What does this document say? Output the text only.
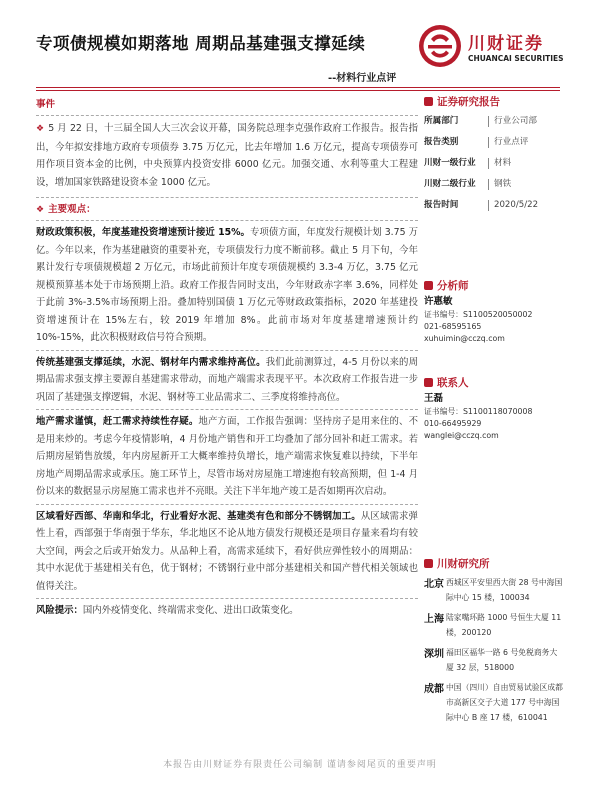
专项债规模如期落地 周期品基建强支撑延续
--材料行业点评
川财证券
CHUANCAI SECURITIES
事件

❖ 5 月 22 日，十三届全国人大三次会议开幕，国务院总理李克强作政府工作报告。报告指出，今年拟安排地方政府专项债券 3.75 万亿元，比去年增加 1.6 万亿元，提高专项债券可用作项目资本金的比例，中央预算内投资安排 6000 亿元。加强交通、水利等重大工程建设，增加国家铁路建设资本金 1000 亿元。

❖ 主要观点：

财政政策积极，年度基建投资增速预计接近 15%。专项债方面，年度发行规模计划 3.75 万亿。今年以来，作为基建融资的重要补充，专项债发行力度不断前移。截止 5 月下旬，今年累计发行专项债规模超 2 万亿元，市场此前预计年度专项债规模约 3.3-4 万亿，3.75 亿元规模预算基本处于市场预期上沿。政府工作报告同时支出，今年财政赤字率 3.6%，同样处于此前 3%-3.5%市场预期上沿。叠加特别国债 1 万亿元等财政政策指标，2020 年基建投资增速预计在 15%左右，较 2019 年增加 8%。此前市场对年度基建增速预计约 10%-15%，此次积极财政信号符合预期。

传统基建强支撑延续，水泥、钢材年内需求维持高位。我们此前测算过，4-5 月份以来的周期品需求强支撑主要源自基建需求带动，而地产端需求表现平平。本次政府工作报告进一步巩固了基建强支撑逻辑，水泥、钢材等工业品需求二、三季度将维持高位。

地产需求谨慎，赶工需求持续性存疑。地产方面，工作报告强调：坚持房子是用来住的、不是用来炒的。考虑今年疫情影响，4 月份地产销售和开工均叠加了部分回补和赶工需求。若后期房屋销售放缓，年内房屋新开工大概率维持负增长，地产端需求恢复难以持续，下半年房地产周期品需求或承压。施工环节上，尽管市场对房屋施工增速抱有较高预期，但 1-4 月份以来的数据显示房屋施工需求也并不亮眼。关注下半年地产竣工是否如期再次启动。

区域看好西部、华南和华北，行业看好水泥、基建类有色和部分不锈钢加工。从区域需求弹性上看，西部强于华南强于华东，华北地区不论从地方债发行规模还是项目存量来看均有较大空间，两会之后或开始发力。从品种上看，高需求延续下，看好供应弹性较小的周期品：其中水泥优于基建相关有色，优于钢材；不锈钢行业中部分基建相关和国产替代相关领域也值得关注。

风险提示：国内外疫情变化、终端需求变化、进出口政策变化。

证券研究报告
所属部门	行业公司部
报告类别	行业点评
川财一级行业 材料
川财二级行业 钢铁
报告时间	2020/5/22
分析师
许惠敏
证书编号：S1100520050002
021-68595165
xuhuimin@cczq.com
联系人
王磊
证书编号：S1100118070008
010-66495929
wanglei@cczq.com
川财研究所
北京 西城区平安里西大街 28 号中海国际中心 15 楼，100034
上海 陆家嘴环路 1000 号恒生大厦 11 楼，200120
深圳 福田区福华一路 6 号免税商务大厦 32 层，518000
成都 中国（四川）自由贸易试验区成都市高新区交子大道 177 号中海国际中心 B 座 17 楼，610041
本报告由川财证券有限责任公司编制 谨请参阅尾页的重要声明
